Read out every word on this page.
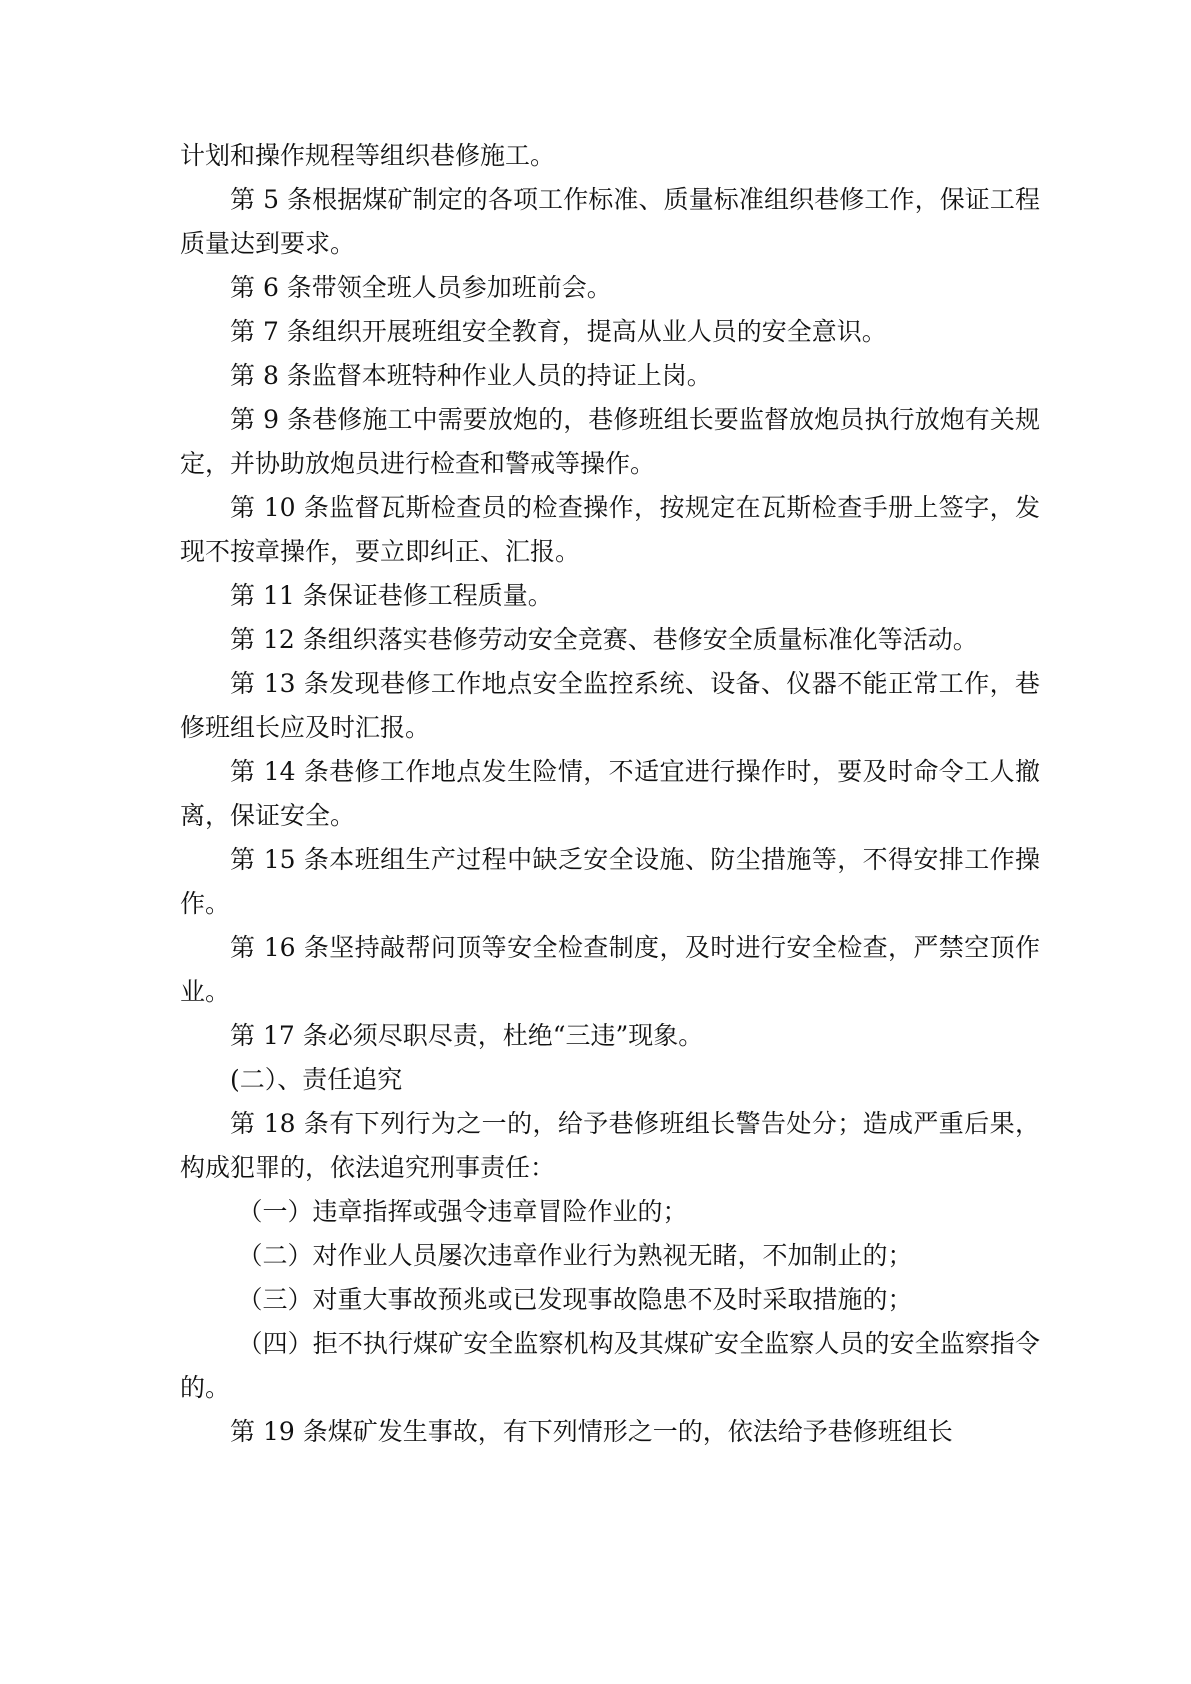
计划和操作规程等组织巷修施工。

第 5 条根据煤矿制定的各项工作标准、质量标准组织巷修工作，保证工程质量达到要求。

第 6 条带领全班人员参加班前会。

第 7 条组织开展班组安全教育，提高从业人员的安全意识。

第 8 条监督本班特种作业人员的持证上岗。

第 9 条巷修施工中需要放炮的，巷修班组长要监督放炮员执行放炮有关规定，并协助放炮员进行检查和警戒等操作。

第 10 条监督瓦斯检查员的检查操作，按规定在瓦斯检查手册上签字，发现不按章操作，要立即纠正、汇报。

第 11 条保证巷修工程质量。

第 12 条组织落实巷修劳动安全竞赛、巷修安全质量标准化等活动。

第 13 条发现巷修工作地点安全监控系统、设备、仪器不能正常工作，巷修班组长应及时汇报。

第 14 条巷修工作地点发生险情，不适宜进行操作时，要及时命令工人撤离，保证安全。

第 15 条本班组生产过程中缺乏安全设施、防尘措施等，不得安排工作操作。

第 16 条坚持敲帮问顶等安全检查制度，及时进行安全检查，严禁空顶作业。

第 17 条必须尽职尽责，杜绝“三违”现象。

(二）、责任追究

第 18 条有下列行为之一的，给予巷修班组长警告处分；造成严重后果，构成犯罪的，依法追究刑事责任：

（一）违章指挥或强令违章冒险作业的；

（二）对作业人员屡次违章作业行为熟视无睹，不加制止的；

（三）对重大事故预兆或已发现事故隐患不及时采取措施的；

（四）拒不执行煤矿安全监察机构及其煤矿安全监察人员的安全监察指令的。

第 19 条煤矿发生事故，有下列情形之一的，依法给予巷修班组长
